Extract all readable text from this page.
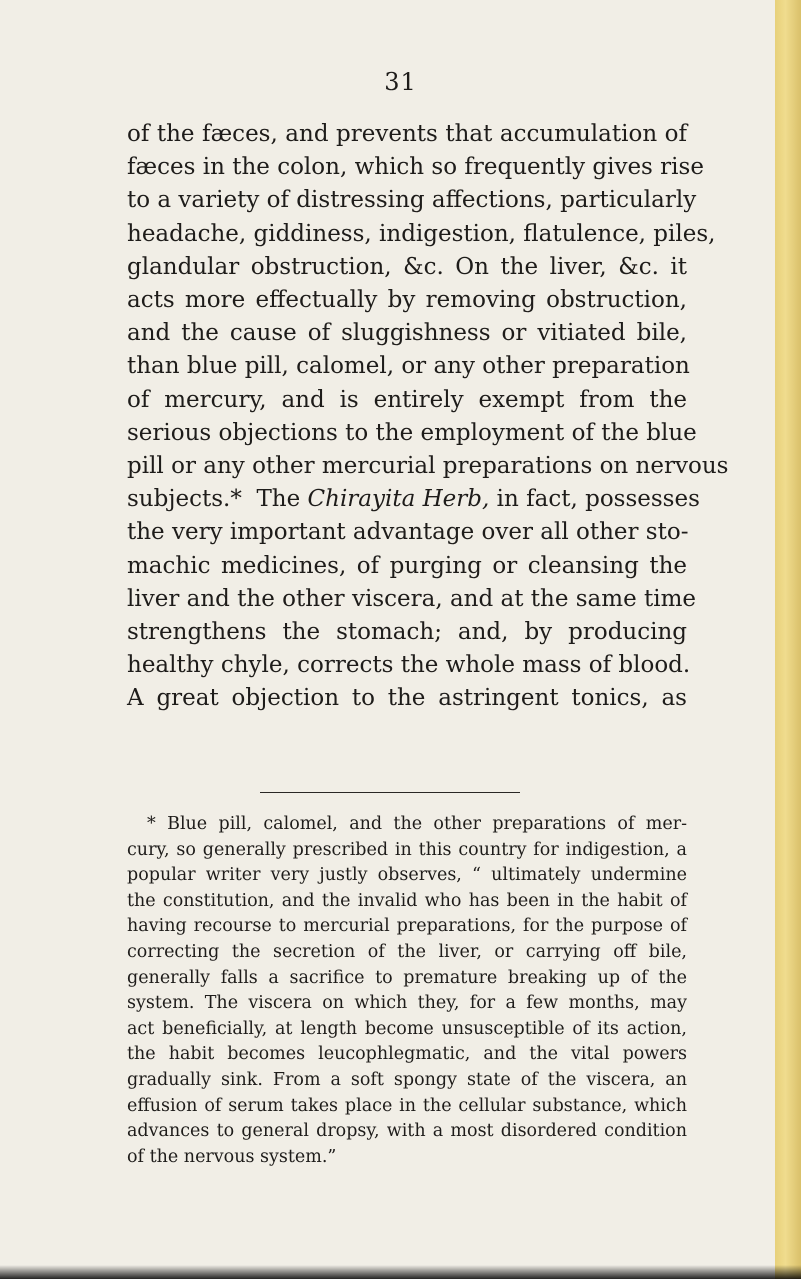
31
of the fæces, and prevents that accumulation of
fæces in the colon, which so frequently gives rise
to a variety of distressing affections, particularly
headache, giddiness, indigestion, flatulence, piles,
glandular obstruction, &c. On the liver, &c. it
acts more effectually by removing obstruction,
and the cause of sluggishness or vitiated bile,
than blue pill, calomel, or any other preparation
of mercury, and is entirely exempt from the
serious objections to the employment of the blue
pill or any other mercurial preparations on nervous
subjects.* The Chirayita Herb, in fact, possesses
the very important advantage over all other sto-
machic medicines, of purging or cleansing the
liver and the other viscera, and at the same time
strengthens the stomach; and, by producing
healthy chyle, corrects the whole mass of blood.
A great objection to the astringent tonics, as
* Blue pill, calomel, and the other preparations of mer-
cury, so generally prescribed in this country for indigestion, a
popular writer very justly observes, “ ultimately undermine
the constitution, and the invalid who has been in the habit of
having recourse to mercurial preparations, for the purpose of
correcting the secretion of the liver, or carrying off bile,
generally falls a sacrifice to premature breaking up of the
system. The viscera on which they, for a few months, may
act beneficially, at length become unsusceptible of its action,
the habit becomes leucophlegmatic, and the vital powers
gradually sink. From a soft spongy state of the viscera, an
effusion of serum takes place in the cellular substance, which
advances to general dropsy, with a most disordered condition
of the nervous system.”
